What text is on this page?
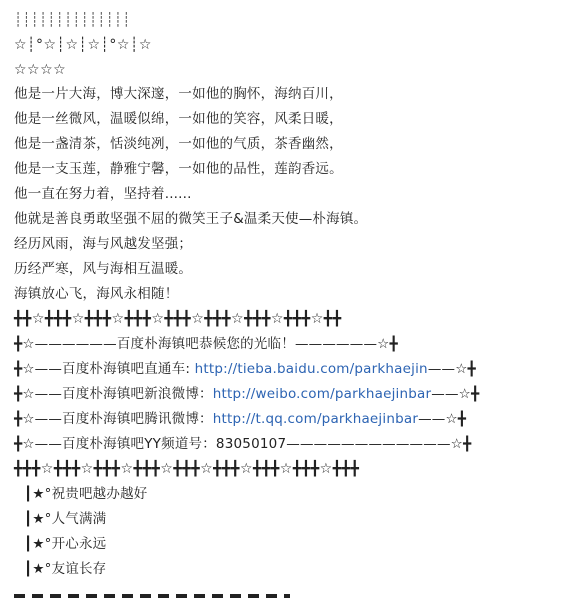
┊┊┊┊┊┊┊┊┊┊┊┊┊┊
☆┊°☆┊☆┊☆┊°☆┊☆
☆☆☆☆
他是一片大海，博大深邃，一如他的胸怀，海纳百川，
他是一丝微风，温暖似绵，一如他的笑容，风柔日暖，
他是一盏清茶，恬淡纯冽，一如他的气质，茶香幽然，
他是一支玉莲，静雅宁馨，一如他的品性，莲韵香远。
他一直在努力着，坚持着......
他就是善良勇敢坚强不屈的微笑王子&温柔天使—朴海镇。
经历风雨，海与风越发坚强；
历经严寒，风与海相互温暖。
海镇放心飞，海风永相随！
╋╋☆╋╋╋☆╋╋╋☆╋╋╋☆╋╋╋☆╋╋╋☆╋╋╋☆╋╋╋☆╋╋
╋☆——————百度朴海镇吧恭候您的光临！——————☆╋
╋☆——百度朴海镇吧直通车: http://tieba.baidu.com/parkhaejin——☆╋
╋☆——百度朴海镇吧新浪微博：http://weibo.com/parkhaejinbar——☆╋
╋☆——百度朴海镇吧腾讯微博：http://t.qq.com/parkhaejinbar——☆╋
╋☆——百度朴海镇吧YY频道号：83050107————————————☆╋
╋╋╋☆╋╋╋☆╋╋╋☆╋╋╋☆╋╋╋☆╋╋╋☆╋╋╋☆╋╋╋☆╋╋╋
┃★°祝贵吧越办越好
┃★°人气满满
┃★°开心永远
┃★°友谊长存
